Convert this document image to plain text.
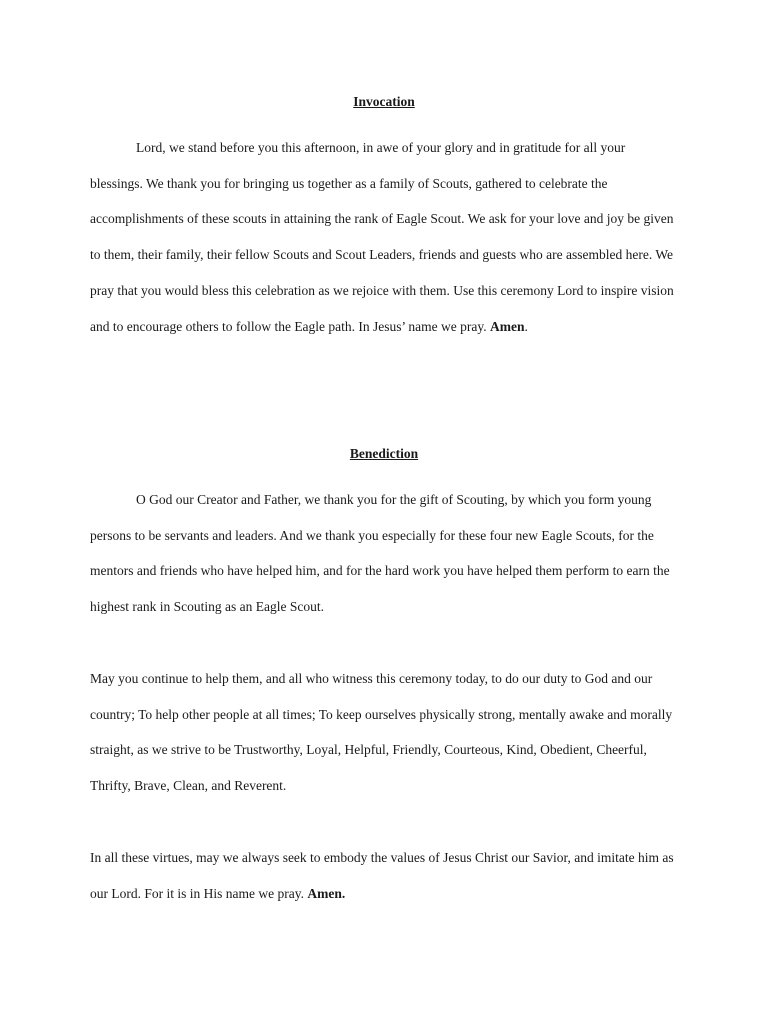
Invocation

Lord, we stand before you this afternoon, in awe of your glory and in gratitude for all your blessings. We thank you for bringing us together as a family of Scouts, gathered to celebrate the accomplishments of these scouts in attaining the rank of Eagle Scout. We ask for your love and joy be given to them, their family, their fellow Scouts and Scout Leaders, friends and guests who are assembled here. We pray that you would bless this celebration as we rejoice with them. Use this ceremony Lord to inspire vision and to encourage others to follow the Eagle path. In Jesus’ name we pray. Amen.

Benediction

O God our Creator and Father, we thank you for the gift of Scouting, by which you form young persons to be servants and leaders. And we thank you especially for these four new Eagle Scouts, for the mentors and friends who have helped him, and for the hard work you have helped them perform to earn the highest rank in Scouting as an Eagle Scout.

May you continue to help them, and all who witness this ceremony today, to do our duty to God and our country; To help other people at all times; To keep ourselves physically strong, mentally awake and morally straight, as we strive to be Trustworthy, Loyal, Helpful, Friendly, Courteous, Kind, Obedient, Cheerful, Thrifty, Brave, Clean, and Reverent.

In all these virtues, may we always seek to embody the values of Jesus Christ our Savior, and imitate him as our Lord. For it is in His name we pray. Amen.
